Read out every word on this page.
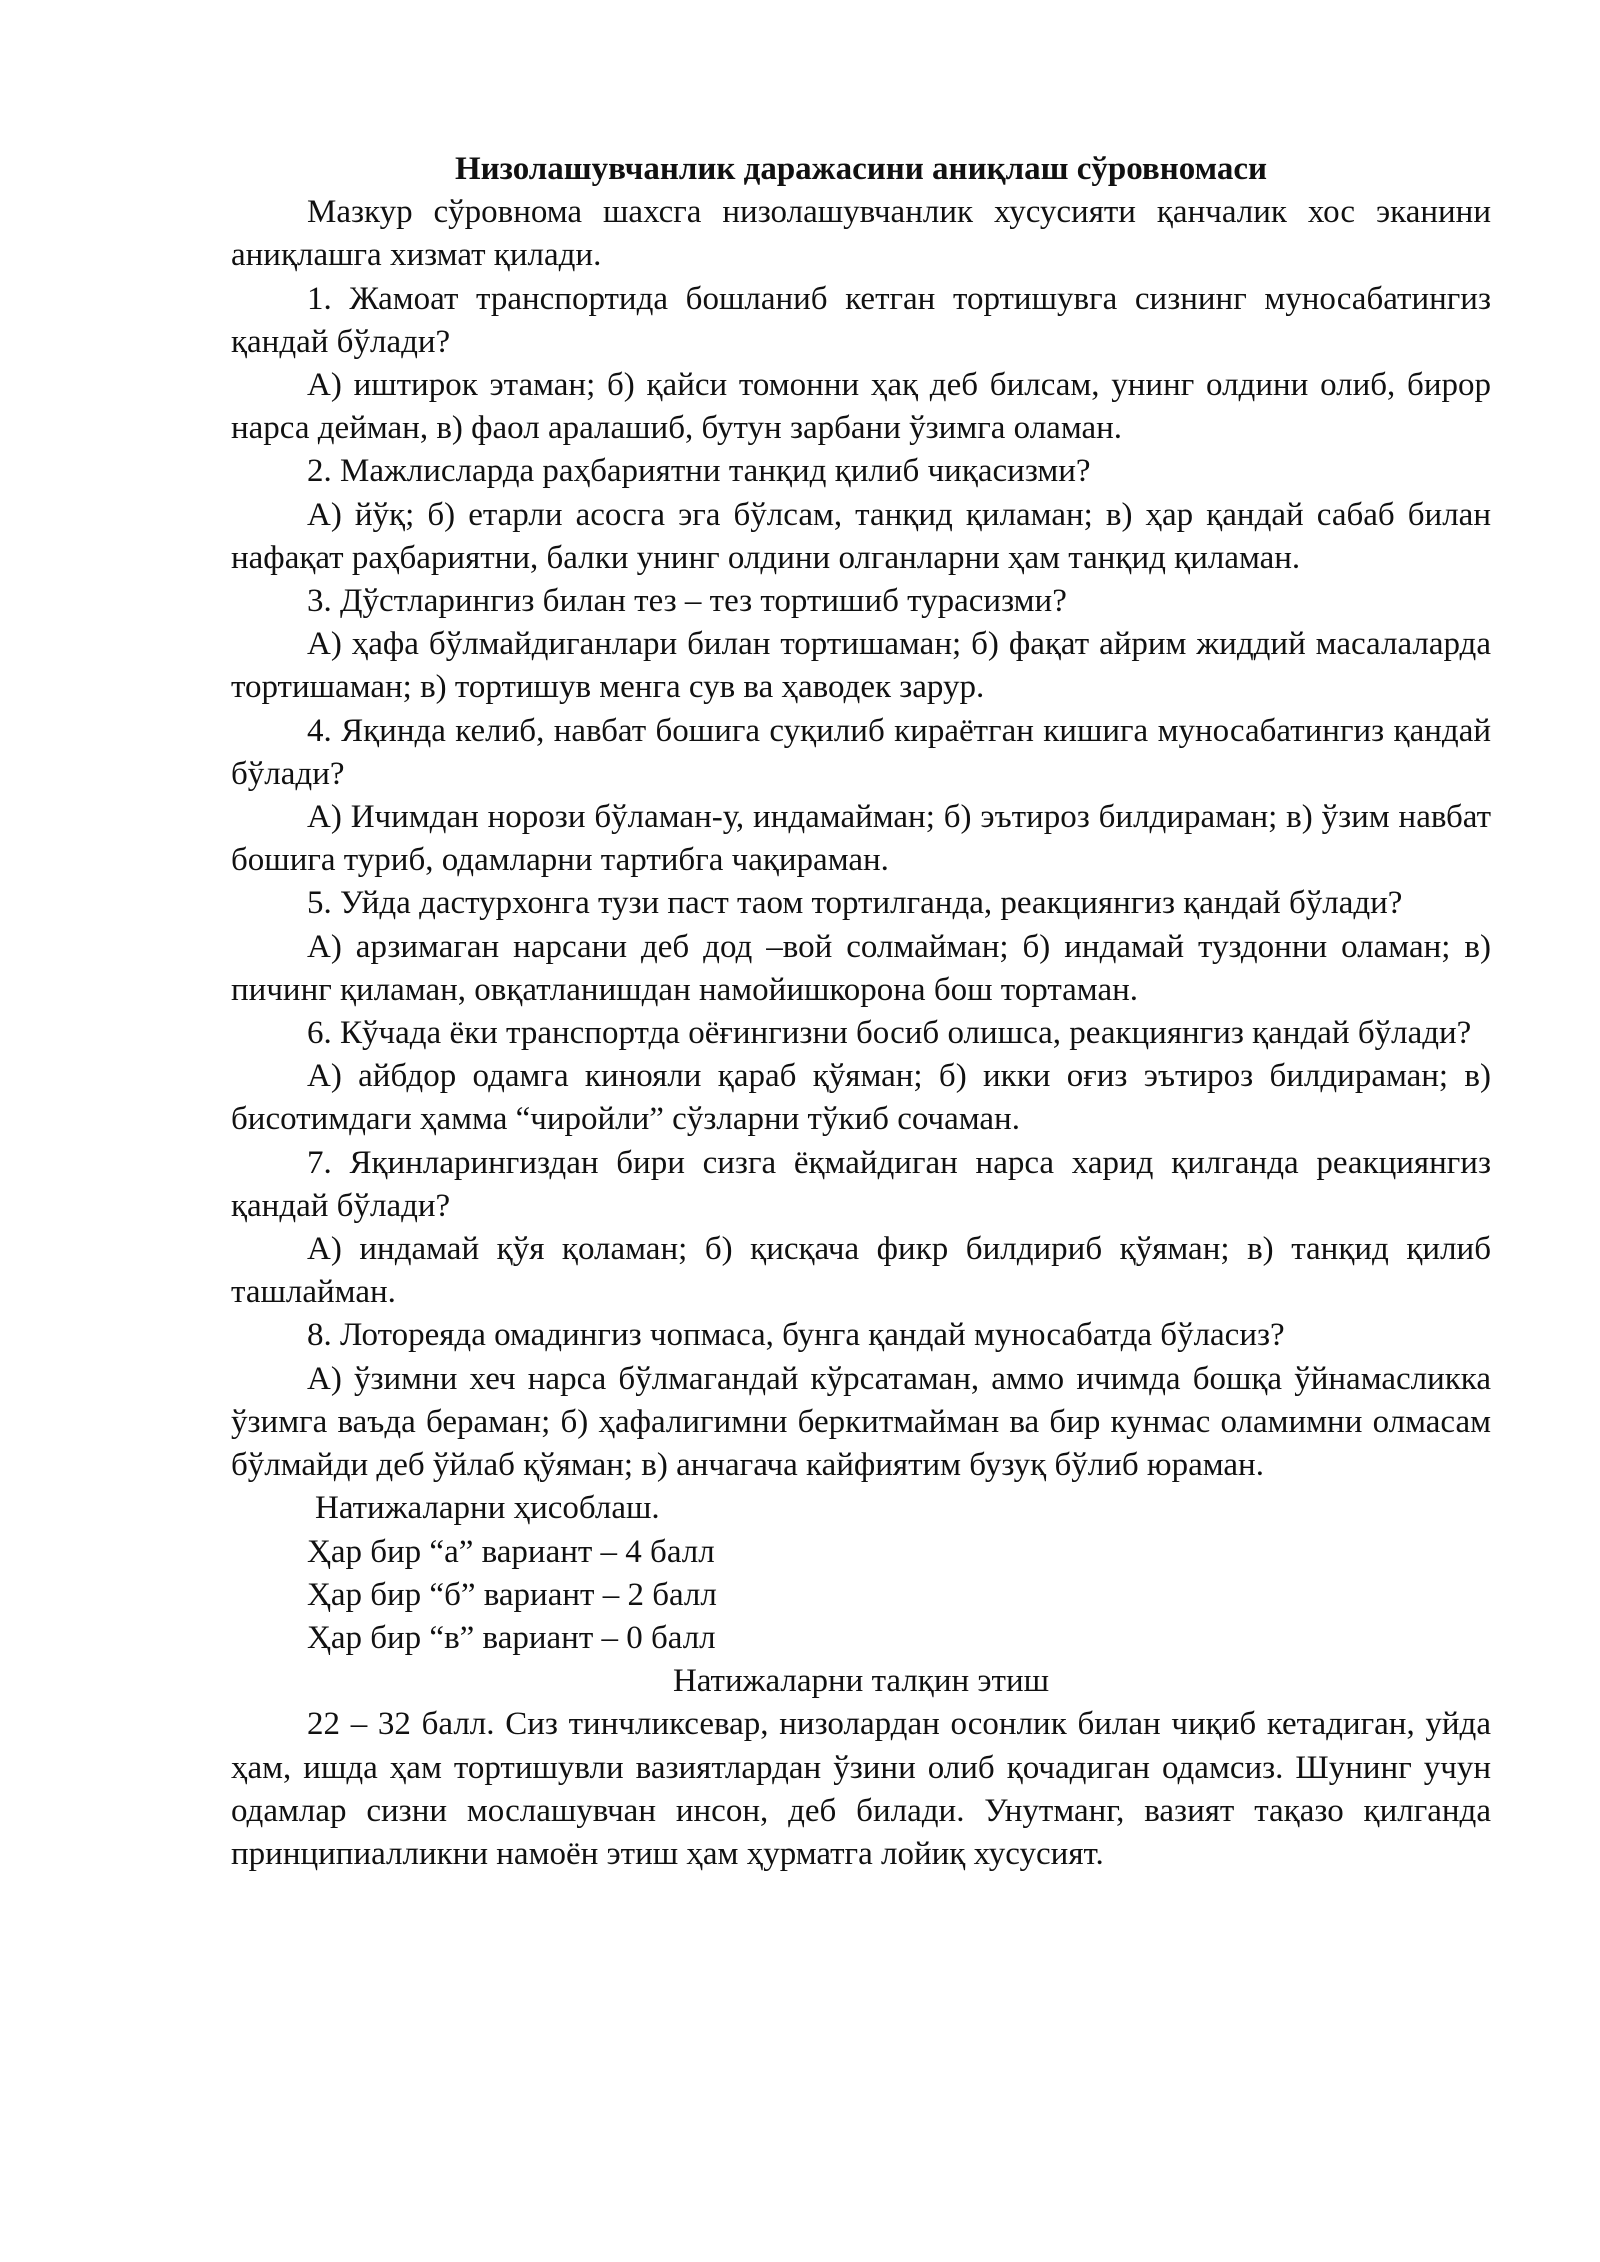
Низолашувчанлик даражасини аниқлаш сўровномаси

Мазкур сўровнома шахсга низолашувчанлик хусусияти қанчалик хос эканини аниқлашга хизмат қилади.

1. Жамоат транспортида бошланиб кетган тортишувга сизнинг муносабатингиз қандай бўлади?

А) иштирок этаман; б) қайси томонни ҳақ деб билсам, унинг олдини олиб, бирор нарса дейман, в) фаол аралашиб, бутун зарбани ўзимга оламан.

2. Мажлисларда раҳбариятни танқид қилиб чиқасизми?

А) йўқ; б) етарли асосга эга бўлсам, танқид қиламан; в) ҳар қандай сабаб билан нафақат раҳбариятни, балки унинг олдини олганларни ҳам танқид қиламан.

3. Дўстларингиз билан тез – тез тортишиб турасизми?

А) ҳафа бўлмайдиганлари билан тортишаман; б) фақат айрим жиддий масалаларда тортишаман; в) тортишув менга сув ва ҳаводек зарур.

4. Яқинда келиб, навбат бошига суқилиб кираётган кишига муносабатингиз қандай бўлади?

А) Ичимдан норози бўламан-у, индамайман; б) эътироз билдираман; в) ўзим навбат бошига туриб, одамларни тартибга чақираман.

5. Уйда дастурхонга тузи паст таом тортилганда, реакциянгиз қандай бўлади?

А) арзимаган нарсани деб дод –вой солмайман; б) индамай туздонни оламан; в) пичинг қиламан, овқатланишдан намойишкорона бош тортаман.

6. Кўчада ёки транспортда оёғингизни босиб олишса, реакциянгиз қандай бўлади?

А) айбдор одамга кинояли қараб қўяман; б) икки оғиз эътироз билдираман; в) бисотимдаги ҳамма “чиройли” сўзларни тўкиб сочаман.

7. Яқинларингиздан бири сизга ёқмайдиган нарса харид қилганда реакциянгиз қандай бўлади?

А) индамай қўя қоламан; б) қисқача фикр билдириб қўяман; в) танқид қилиб ташлайман.

8. Лотореяда омадингиз чопмаса, бунга қандай муносабатда бўласиз?

А) ўзимни хеч нарса бўлмагандай кўрсатаман, аммо ичимда бошқа ўйнамасликка ўзимга ваъда бераман; б) ҳафалигимни беркитмайман ва бир кунмас оламимни олмасам бўлмайди деб ўйлаб қўяман; в) анчагача кайфиятим бузуқ бўлиб юраман.

Натижаларни ҳисоблаш.

Ҳар бир “а” вариант – 4 балл

Ҳар бир “б” вариант – 2 балл

Ҳар бир “в” вариант – 0 балл

Натижаларни талқин этиш

22 – 32 балл. Сиз тинчликсевар, низолардан осонлик билан чиқиб кетадиган, уйда ҳам, ишда ҳам тортишувли вазиятлардан ўзини олиб қочадиган одамсиз. Шунинг учун одамлар сизни мослашувчан инсон, деб билади. Унутманг, вазият тақазо қилганда принципиалликни намоён этиш ҳам ҳурматга лойиқ хусусият.
